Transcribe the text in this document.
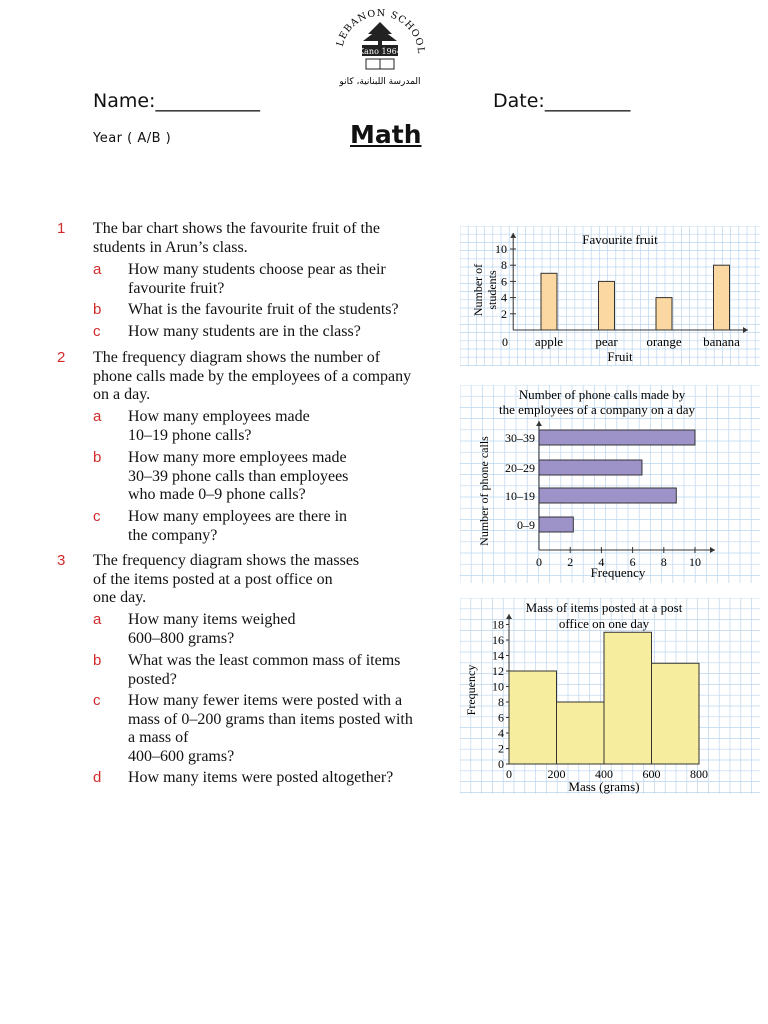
LEBANON SCHOOL
Kano 1964
المدرسة اللبنانية، كانو
Name:___________	Date:_________
Year ( A/B )	Math
1 The bar chart shows the favourite fruit of the
students in Arun’s class.
a How many students choose pear as their
favourite fruit?
b What is the favourite fruit of the students?
c How many students are in the class?
2 The frequency diagram shows the number of
phone calls made by the employees of a company
on a day.
a How many employees made
10–19 phone calls?
b How many more employees made
30–39 phone calls than employees
who made 0–9 phone calls?
c How many employees are there in
the company?
3 The frequency diagram shows the masses
of the items posted at a post office on
one day.
a How many items weighed
600–800 grams?
b What was the least common mass of items
posted?
c How many fewer items were posted with a
mass of 0–200 grams than items posted with
a mass of
400–600 grams?
d How many items were posted altogether?
Favourite fruit
0
2
4
6
8
10
apple pear orange banana
Fruit
Number ofstudents
Number of phone calls made by
the employees of a company on a day
0 2 4 6 8 10
0–9
10–19
20–29
30–39
Frequency
Number of phone calls
Mass of items posted at a post
office on one day
0
2
4
6
8
10
12
14
16
18
0	200 400 600 800
Mass (grams)
Frequency
